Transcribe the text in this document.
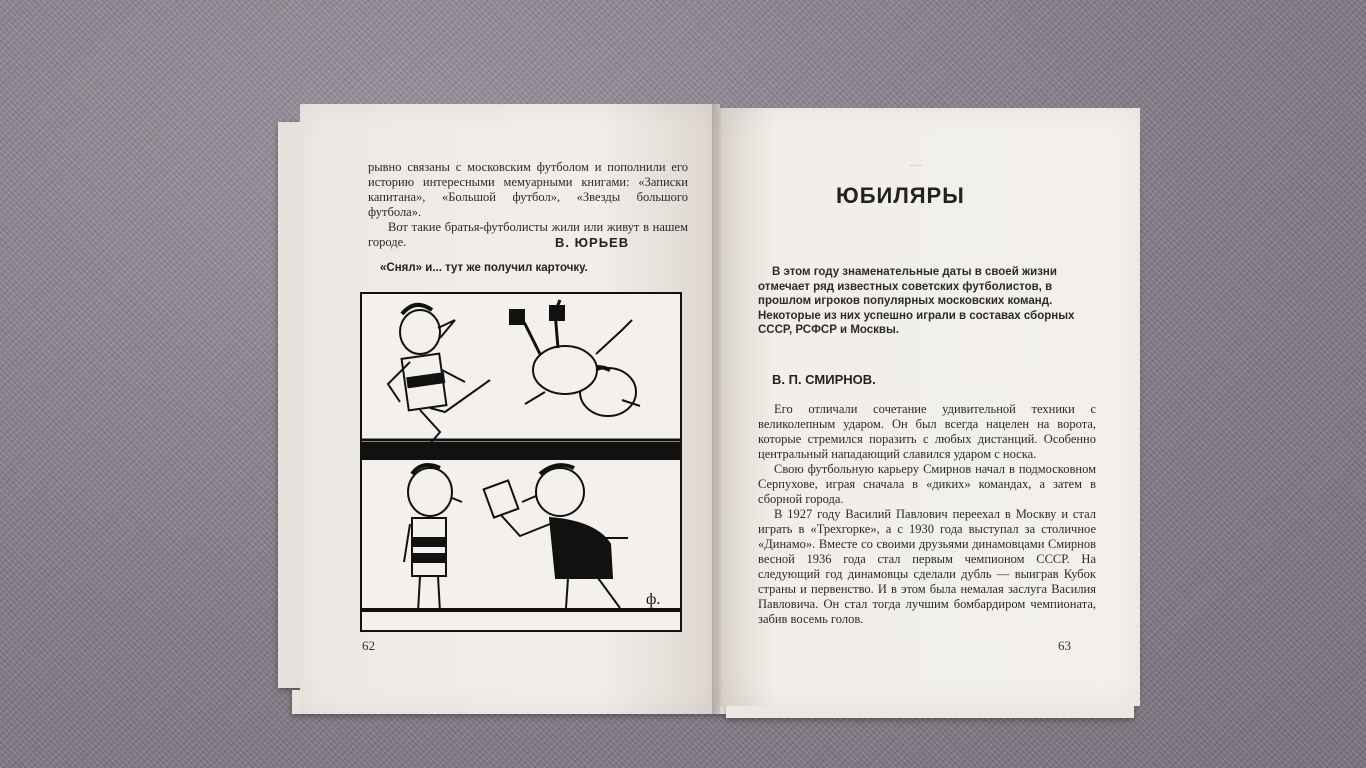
рывно связаны с московским футболом и пополнили его историю интересными мемуарными книгами: «Записки капитана», «Большой футбол», «Звезды большого футбола».

Вот такие братья-футболисты жили или живут в нашем городе.	В. ЮРЬЕВ
«Снял» и... тут же получил карточку.
ф.
62
.....
ЮБИЛЯРЫ

В этом году знаменательные даты в своей жизни отмечает ряд известных советских футболистов, в прошлом игроков популярных московских команд. Некоторые из них успешно играли в составах сборных СССР, РСФСР и Москвы.

В. П. СМИРНОВ.

Его отличали сочетание удивительной техники с великолепным ударом. Он был всегда нацелен на ворота, которые стремился поразить с любых дистанций. Особенно центральный нападающий славился ударом с носка.

Свою футбольную карьеру Смирнов начал в подмосковном Серпухове, играя сначала в «диких» командах, а затем в сборной города.

В 1927 году Василий Павлович переехал в Москву и стал играть в «Трехгорке», а с 1930 года выступал за столичное «Динамо». Вместе со своими друзьями динамовцами Смирнов весной 1936 года стал первым чемпионом СССР. На следующий год динамовцы сделали дубль — выиграв Кубок страны и первенство. И в этом была немалая заслуга Василия Павловича. Он стал тогда лучшим бомбардиром чемпионата, забив восемь голов.

63
